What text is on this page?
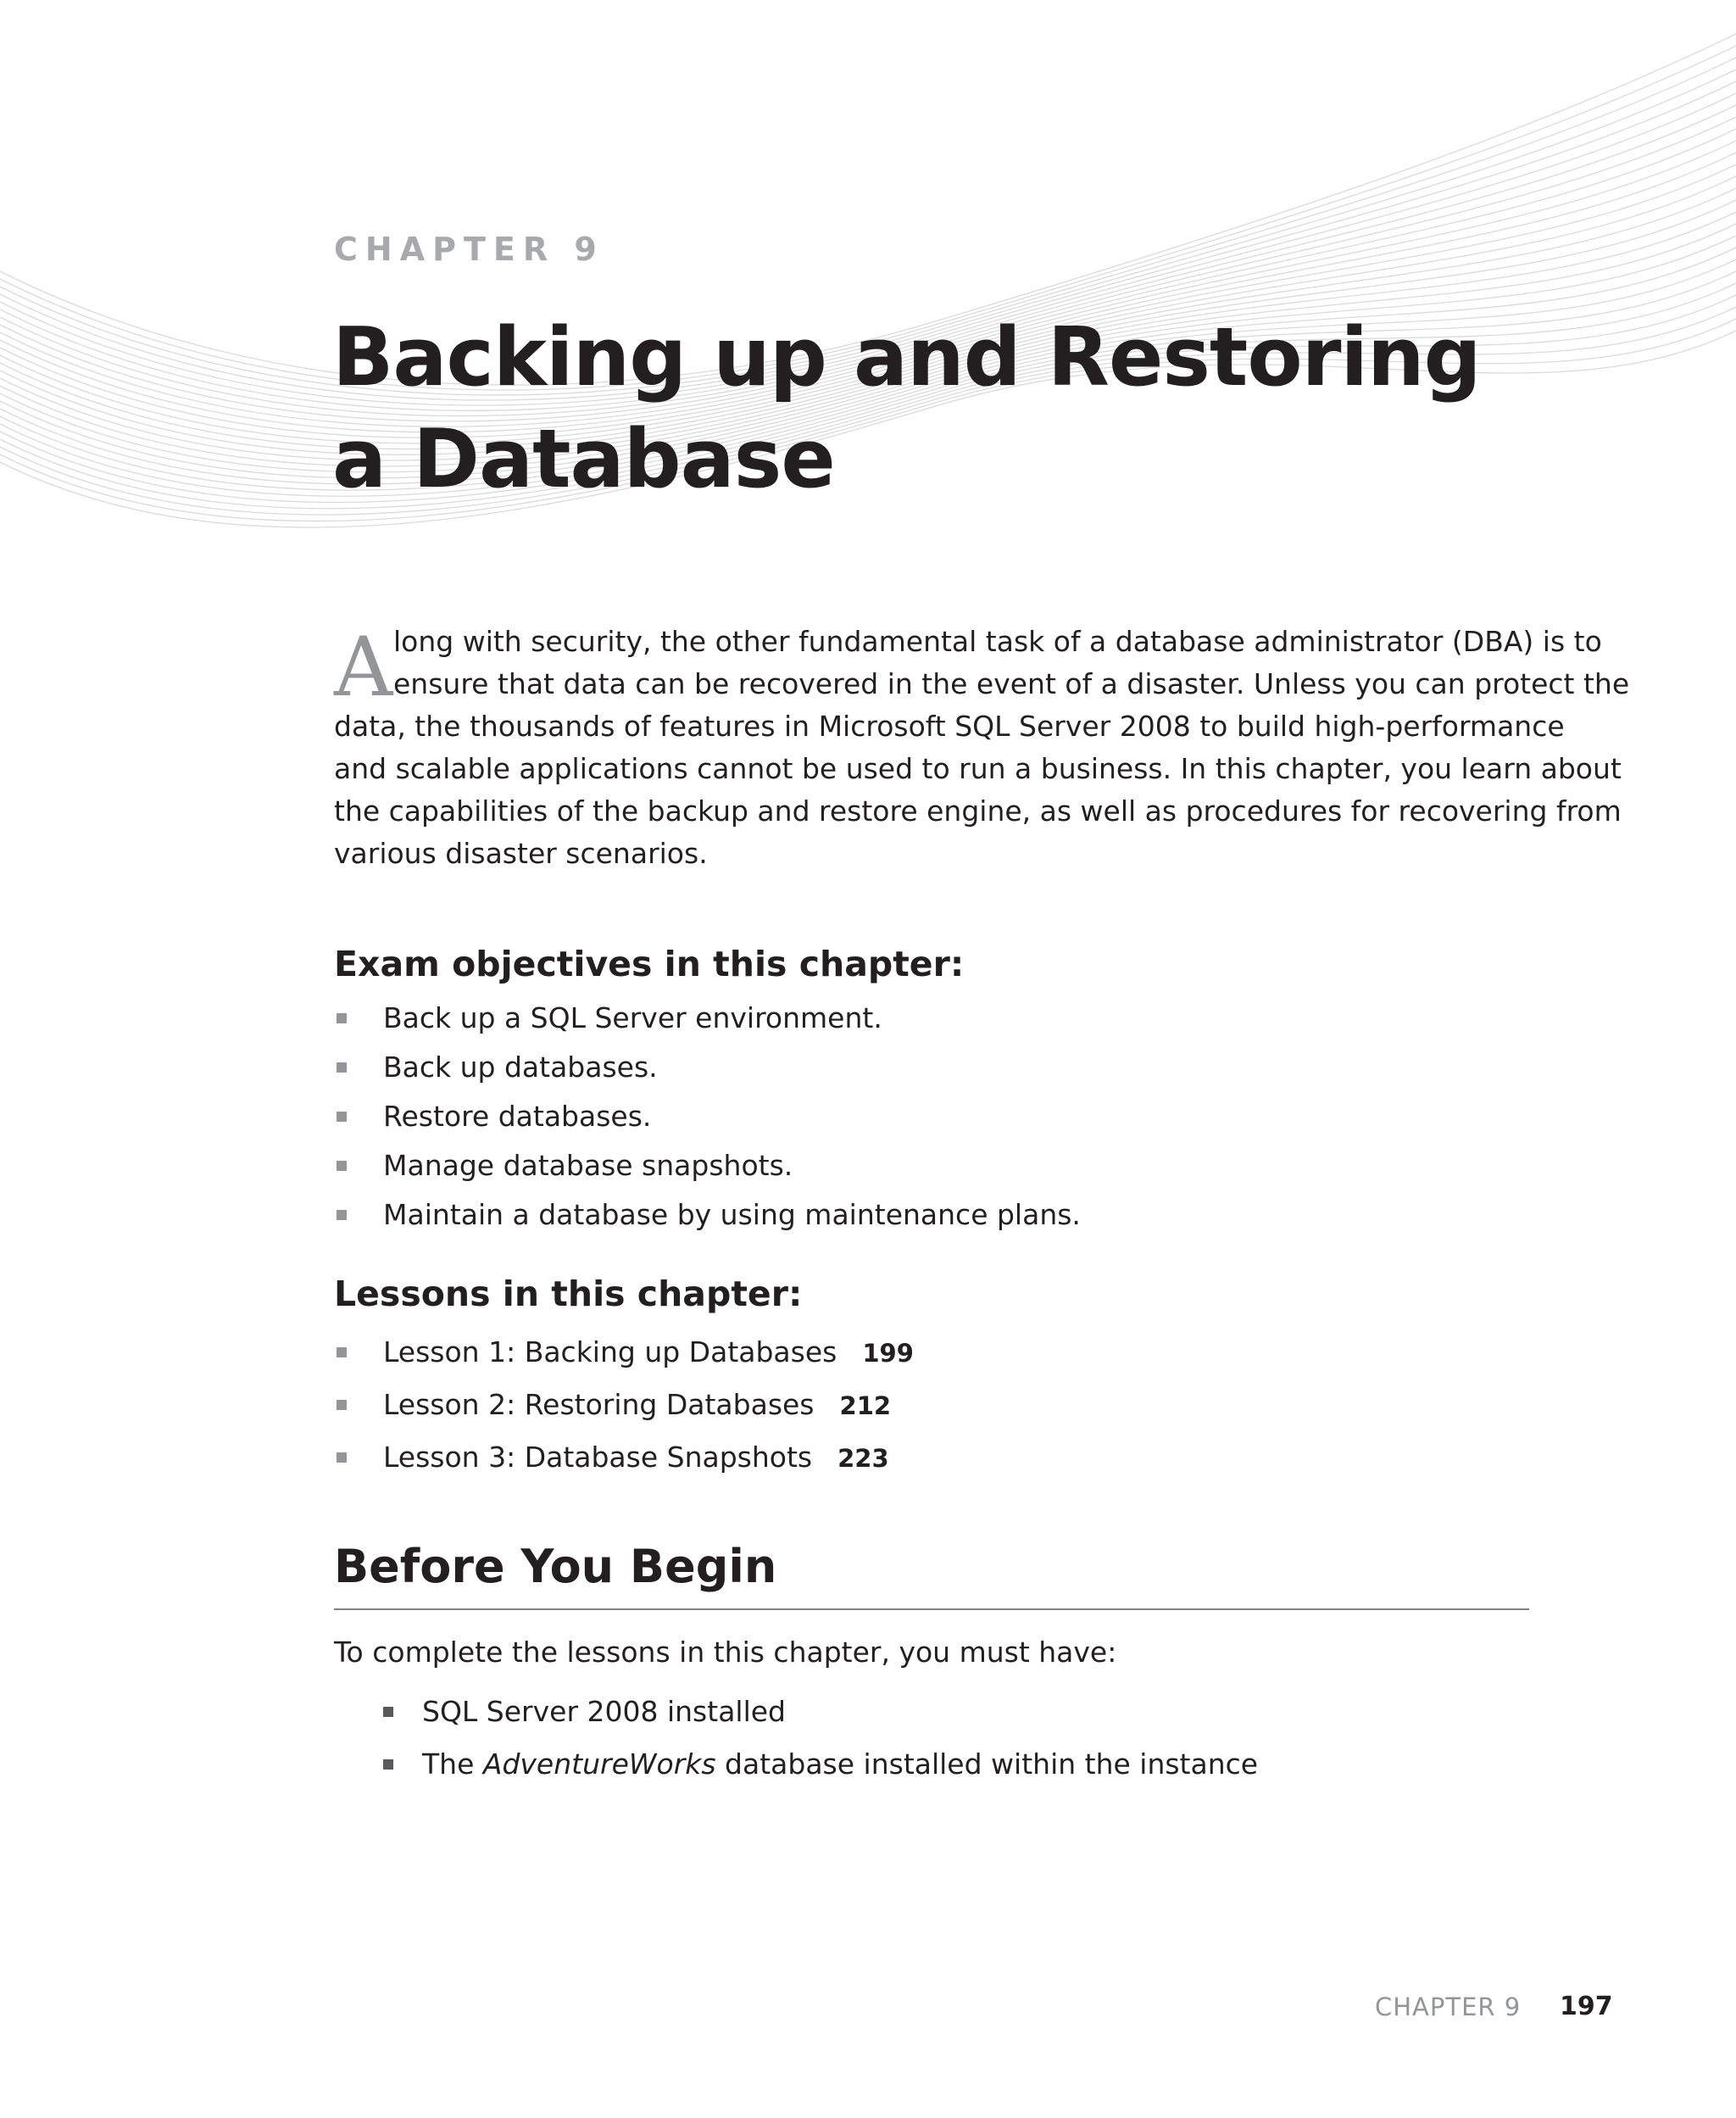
CHAPTER 9
Backing up and Restoring
a Database
A long with security, the other fundamental task of a database administrator (DBA) is to
ensure that data can be recovered in the event of a disaster. Unless you can protect the
data, the thousands of features in Microsoft SQL Server 2008 to build high-performance
and scalable applications cannot be used to run a business. In this chapter, you learn about
the capabilities of the backup and restore engine, as well as procedures for recovering from
various disaster scenarios.
Exam objectives in this chapter:
Back up a SQL Server environment.
Back up databases.
Restore databases.
Manage database snapshots.
Maintain a database by using maintenance plans.
Lessons in this chapter:
Lesson 1: Backing up Databases 199
Lesson 2: Restoring Databases 212
Lesson 3: Database Snapshots 223
Before You Begin
To complete the lessons in this chapter, you must have:
SQL Server 2008 installed
The AdventureWorks database installed within the instance
CHAPTER 9 197
